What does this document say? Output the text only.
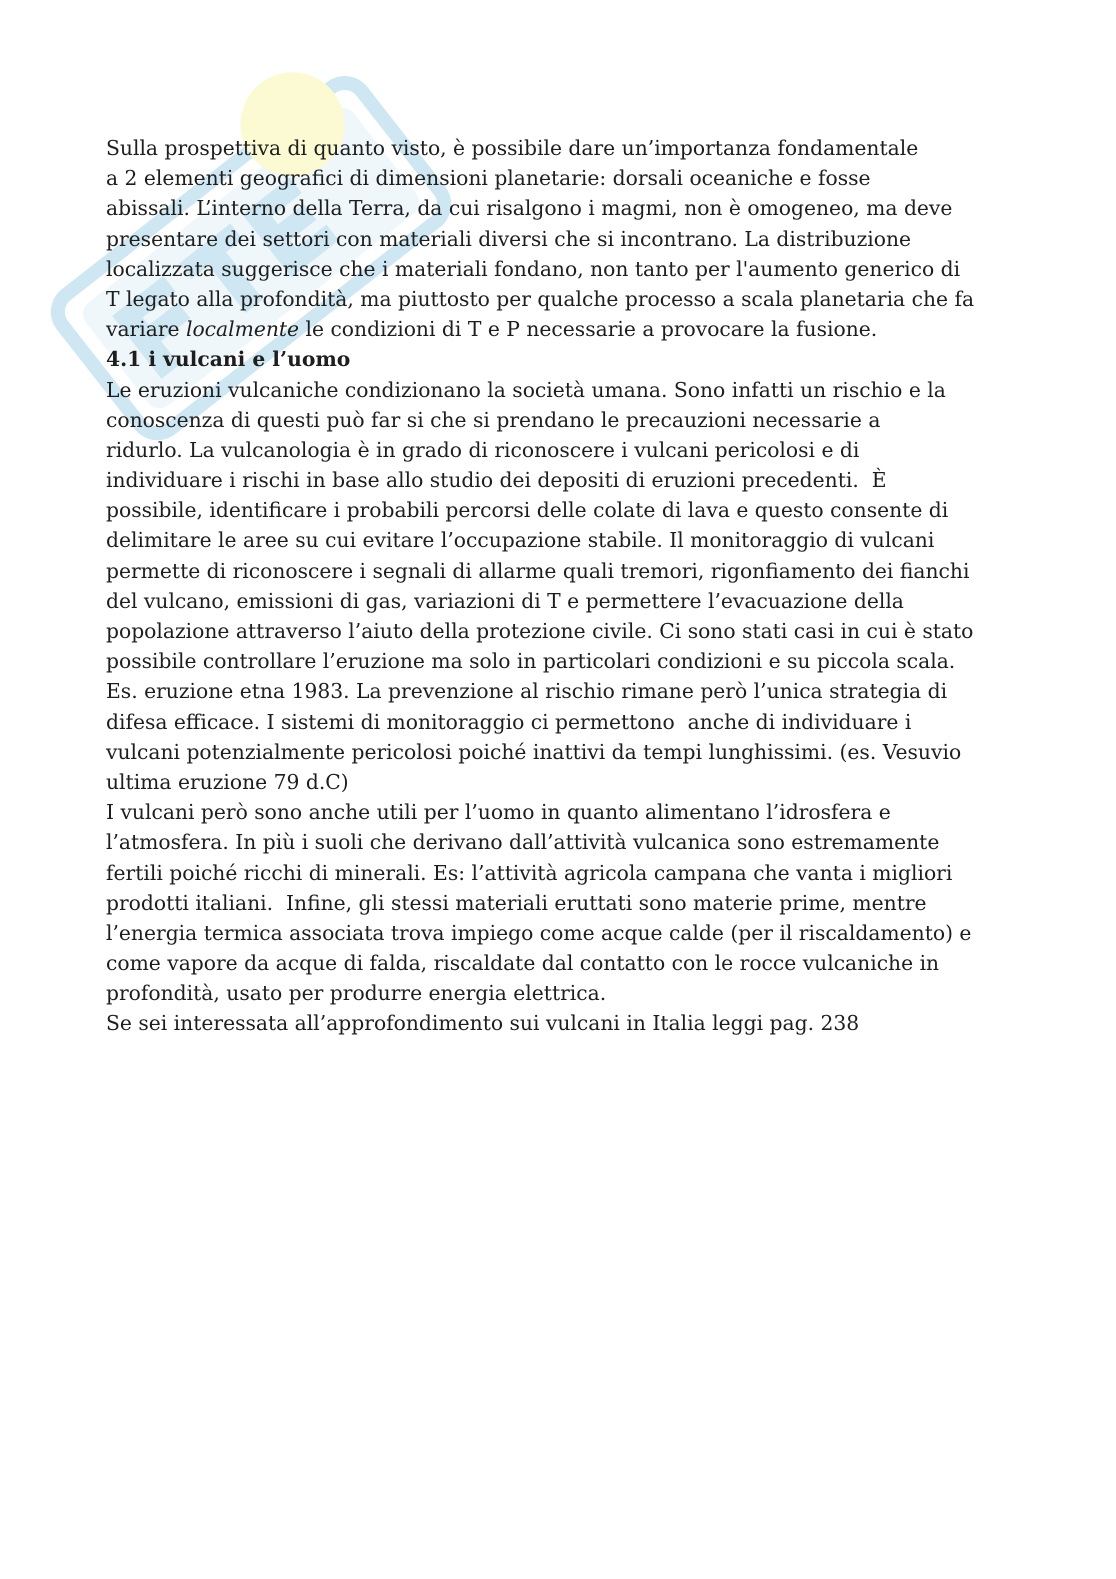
Sulla prospettiva di quanto visto, è possibile dare un’importanza fondamentale
a 2 elementi geografici di dimensioni planetarie: dorsali oceaniche e fosse
abissali. L’interno della Terra, da cui risalgono i magmi, non è omogeneo, ma deve
presentare dei settori con materiali diversi che si incontrano. La distribuzione
localizzata suggerisce che i materiali fondano, non tanto per l'aumento generico di
T legato alla profondità, ma piuttosto per qualche processo a scala planetaria che fa
variare localmente le condizioni di T e P necessarie a provocare la fusione.
4.1 i vulcani e l’uomo
Le eruzioni vulcaniche condizionano la società umana. Sono infatti un rischio e la
conoscenza di questi può far si che si prendano le precauzioni necessarie a
ridurlo. La vulcanologia è in grado di riconoscere i vulcani pericolosi e di
individuare i rischi in base allo studio dei depositi di eruzioni precedenti.  È
possibile, identificare i probabili percorsi delle colate di lava e questo consente di
delimitare le aree su cui evitare l’occupazione stabile. Il monitoraggio di vulcani
permette di riconoscere i segnali di allarme quali tremori, rigonfiamento dei fianchi
del vulcano, emissioni di gas, variazioni di T e permettere l’evacuazione della
popolazione attraverso l’aiuto della protezione civile. Ci sono stati casi in cui è stato
possibile controllare l’eruzione ma solo in particolari condizioni e su piccola scala.
Es. eruzione etna 1983. La prevenzione al rischio rimane però l’unica strategia di
difesa efficace. I sistemi di monitoraggio ci permettono  anche di individuare i
vulcani potenzialmente pericolosi poiché inattivi da tempi lunghissimi. (es. Vesuvio
ultima eruzione 79 d.C)
I vulcani però sono anche utili per l’uomo in quanto alimentano l’idrosfera e
l’atmosfera. In più i suoli che derivano dall’attività vulcanica sono estremamente
fertili poiché ricchi di minerali. Es: l’attività agricola campana che vanta i migliori
prodotti italiani.  Infine, gli stessi materiali eruttati sono materie prime, mentre
l’energia termica associata trova impiego come acque calde (per il riscaldamento) e
come vapore da acque di falda, riscaldate dal contatto con le rocce vulcaniche in
profondità, usato per produrre energia elettrica.
Se sei interessata all’approfondimento sui vulcani in Italia leggi pag. 238
